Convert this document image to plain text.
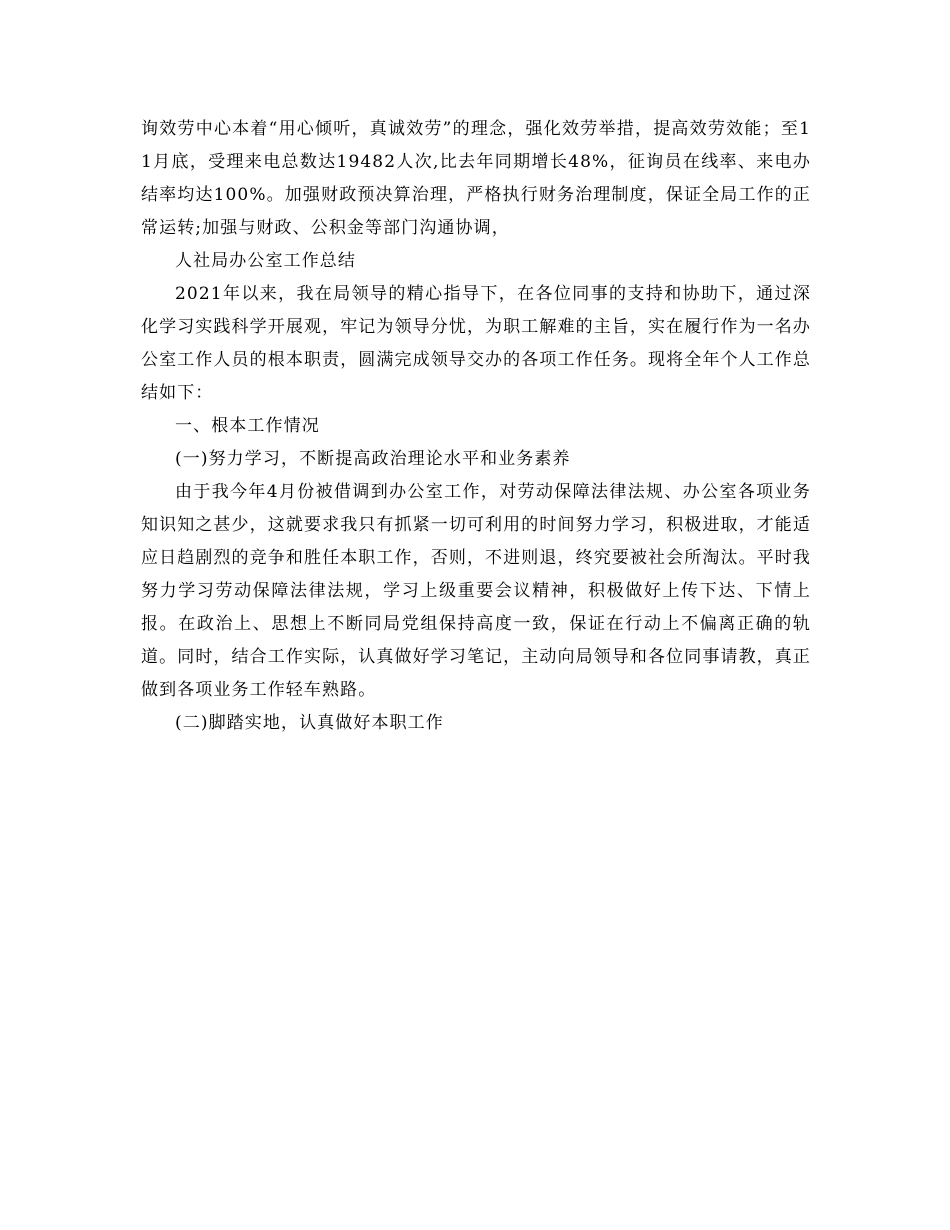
询效劳中心本着“用心倾听，真诚效劳”的理念，强化效劳举措，提高效劳效能；至11月底，受理来电总数达19482人次,比去年同期增长48%，征询员在线率、来电办结率均达100%。加强财政预决算治理，严格执行财务治理制度，保证全局工作的正常运转;加强与财政、公积金等部门沟通协调，

人社局办公室工作总结

2021年以来，我在局领导的精心指导下，在各位同事的支持和协助下，通过深化学习实践科学开展观，牢记为领导分忧，为职工解难的主旨，实在履行作为一名办公室工作人员的根本职责，圆满完成领导交办的各项工作任务。现将全年个人工作总结如下：

一、根本工作情况

(一)努力学习，不断提高政治理论水平和业务素养

由于我今年4月份被借调到办公室工作，对劳动保障法律法规、办公室各项业务知识知之甚少，这就要求我只有抓紧一切可利用的时间努力学习，积极进取，才能适应日趋剧烈的竞争和胜任本职工作，否则，不进则退，终究要被社会所淘汰。平时我努力学习劳动保障法律法规，学习上级重要会议精神，积极做好上传下达、下情上报。在政治上、思想上不断同局党组保持高度一致，保证在行动上不偏离正确的轨道。同时，结合工作实际，认真做好学习笔记，主动向局领导和各位同事请教，真正做到各项业务工作轻车熟路。

(二)脚踏实地，认真做好本职工作
